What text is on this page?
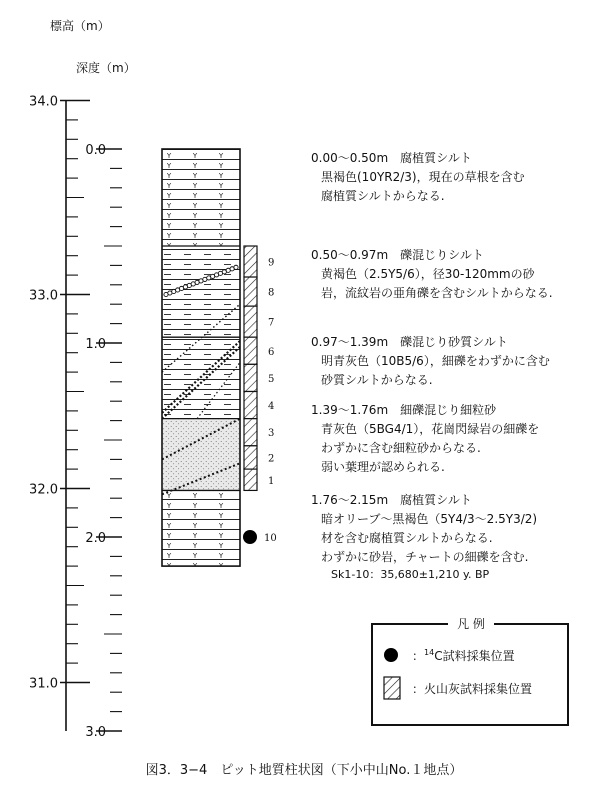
標高（m）
深度（m）
34.0
33.0
32.0
31.0
0.0
1.0
2.0
3.0
9
8
7
6
5
4
3
2
1
10
0.00～0.50m　腐植質シルト
黒褐色(10YR2/3)，現在の草根を含む
腐植質シルトからなる.
0.50～0.97m　礫混じりシルト
黄褐色（2.5Y5/6），径30-120mmの砂
岩，流紋岩の亜角礫を含むシルトからなる.
0.97～1.39m　礫混じり砂質シルト
明青灰色（10B5/6），細礫をわずかに含む
砂質シルトからなる.
1.39～1.76m　細礫混じり細粒砂
青灰色（5BG4/1），花崗閃緑岩の細礫を
わずかに含む細粒砂からなる.
弱い葉理が認められる.
1.76～2.15m　腐植質シルト
暗オリーブ～黒褐色（5Y4/3～2.5Y3/2)
材を含む腐植質シルトからなる.
わずかに砂岩，チャートの細礫を含む.
Sk1-10：35,680±1,210 y. BP
凡 例
：$^{14}$C試料採集位置
：火山灰試料採集位置
図3．3−4　ピット地質柱状図（下小中山No.１地点）
